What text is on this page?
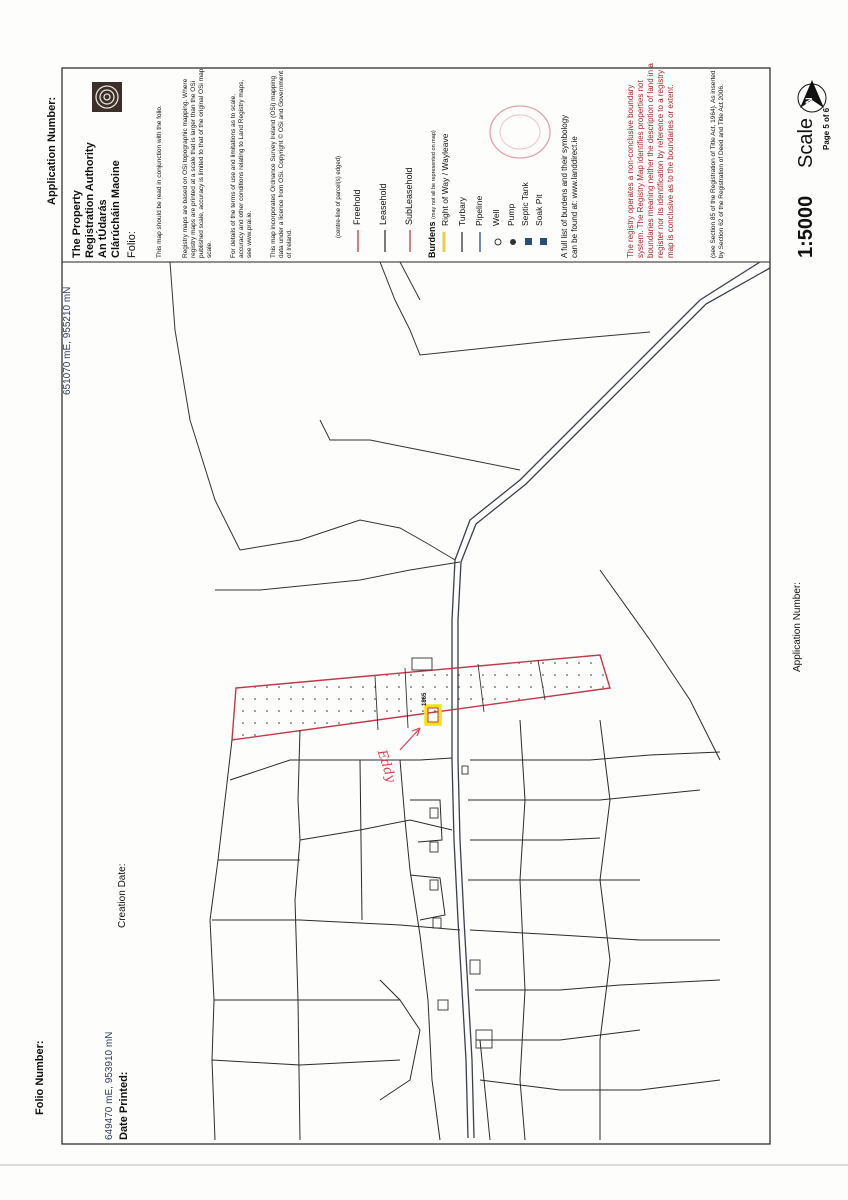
Folio Number:	Date Printed:
649470 mE, 953910 mN
Creation Date:
Application Number:
Application Number:
651070 mE, 955210 mN
The Property Registration Authority An tÚdarás Clárúcháin Maoine Folio:	This map should be read in conjunction with the folio.	Registry maps are based on OSi topographic mapping. Where registry maps are printed at a scale that is larger than the OSi published scale, accuracy is limited to that of the original OSi map scale.	For details of the terms of use and limitations as to scale, accuracy and other conditions relating to Land Registry maps, see www.prai.ie.	This map incorporates Ordnance Survey Ireland (OSi) mapping data under a licence from OSi. Copyright © OSi and Government of Ireland.
(centre-line of parcel(s) edged) Freehold Leasehold SubLeasehold
Burdens (may not all be represented on map) Right of Way / Wayleave Turbary Pipeline Well Pump Septic Tank Soak Pit A full list of burdens and their symbology can be found at: www.landdirect.ie	The registry operates a non-conclusive boundary system. The Registry Map identifies properties not boundaries meaning neither the description of land in a register nor its identification by reference to a registry map is conclusive as to the boundaries or extent.	(see Section 85 of the Registration of Title Act, 1964). As inserted by Section 62 of the Registration of Deed and Title Act 2006.	1:5000
Scale
N
Page 5 of 6
1865
Eddy
